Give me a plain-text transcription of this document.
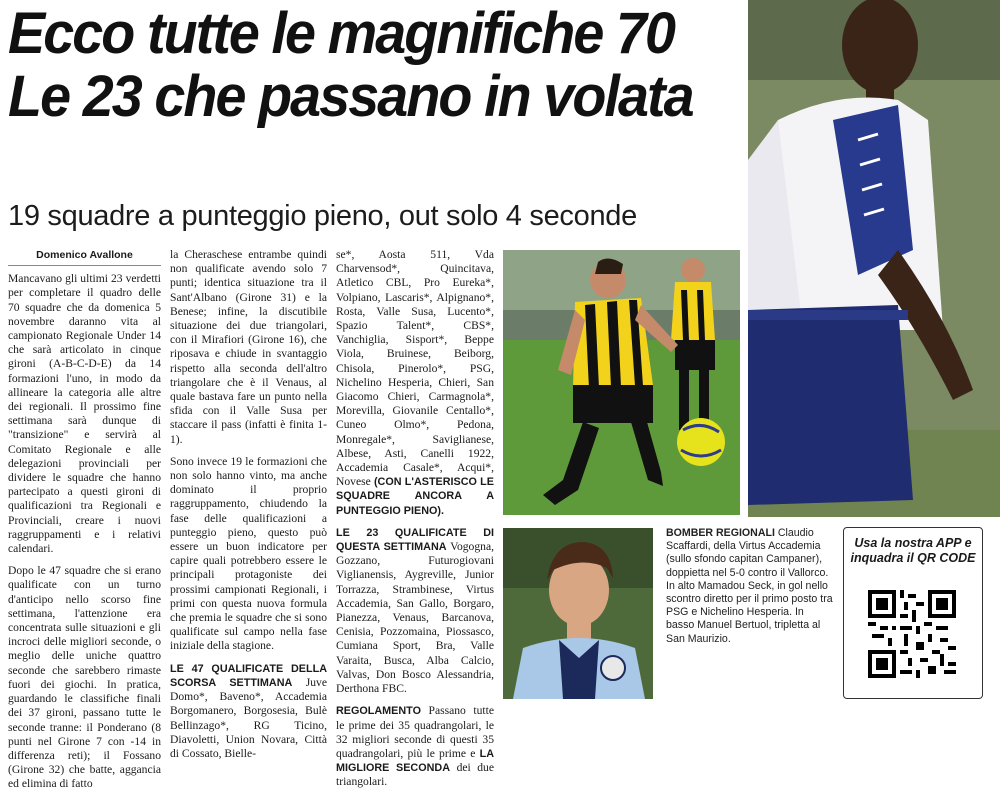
Ecco tutte le magnifiche 70
Le 23 che passano in volata
19 squadre a punteggio pieno, out solo 4 seconde
Domenico Avallone

Mancavano gli ultimi 23 verdetti per completare il quadro delle 70 squadre che da domenica 5 novembre daranno vita al campionato Regionale Under 14 che sarà articolato in cinque gironi (A-B-C-D-E) da 14 formazioni l'uno, in modo da allineare la categoria alle altre dei regionali. Il prossimo fine settimana sarà dunque di "transizione" e servirà al Comitato Regionale e alle delegazioni provinciali per dividere le squadre che hanno partecipato a questi gironi di qualificazioni tra Regionali e Provinciali, creare i nuovi raggruppamenti e i relativi calendari.

Dopo le 47 squadre che si erano qualificate con un turno d'anticipo nello scorso fine settimana, l'attenzione era concentrata sulle situazioni e gli incroci delle migliori seconde, o meglio delle uniche quattro seconde che sarebbero rimaste fuori dei giochi. In pratica, guardando le classifiche finali dei 37 gironi, passano tutte le seconde tranne: il Ponderano (8 punti nel Girone 7 con -14 in differenza reti); il Fossano (Girone 32) che batte, aggancia ed elimina di fatto

la Cheraschese entrambe quindi non qualificate avendo solo 7 punti; identica situazione tra il Sant'Albano (Girone 31) e la Benese; infine, la discutibile situazione dei due triangolari, con il Mirafiori (Girone 16), che riposava e chiude in svantaggio rispetto alla seconda dell'altro triangolare che è il Venaus, al quale bastava fare un punto nella sfida con il Valle Susa per staccare il pass (infatti è finita 1-1).

Sono invece 19 le formazioni che non solo hanno vinto, ma anche dominato il proprio raggruppamento, chiudendo la fase delle qualificazioni a punteggio pieno, questo può essere un buon indicatore per capire quali potrebbero essere le principali protagoniste dei prossimi campionati Regionali, i primi con questa nuova formula che premia le squadre che si sono qualificate sul campo nella fase iniziale della stagione.

LE 47 QUALIFICATE DELLA SCORSA SETTIMANA Juve Domo*, Baveno*, Accademia Borgomanero, Borgosesia, Bulè Bellinzago*, RG Ticino, Diavoletti, Union Novara, Città di Cossato, Bielle-

se*, Aosta 511, Vda Charvensod*, Quincitava, Atletico CBL, Pro Eureka*, Volpiano, Lascaris*, Alpignano*, Rosta, Valle Susa, Lucento*, Spazio Talent*, CBS*, Vanchiglia, Sisport*, Beppe Viola, Bruinese, Beiborg, Chisola, Pinerolo*, PSG, Nichelino Hesperia, Chieri, San Giacomo Chieri, Carmagnola*, Morevilla, Giovanile Centallo*, Cuneo Olmo*, Pedona, Monregale*, Saviglianese, Albese, Asti, Canelli 1922, Accademia Casale*, Acqui*, Novese (CON L'ASTERISCO LE SQUADRE ANCORA A PUNTEGGIO PIENO).

LE 23 QUALIFICATE DI QUESTA SETTIMANA Vogogna, Gozzano, Futurogiovani Viglianensis, Aygreville, Junior Torrazza, Strambinese, Virtus Accademia, San Gallo, Borgaro, Pianezza, Venaus, Barcanova, Cenisia, Pozzomaina, Piossasco, Cumiana Sport, Bra, Valle Varaita, Busca, Alba Calcio, Valvas, Don Bosco Alessandria, Derthona FBC.

REGOLAMENTO Passano tutte le prime dei 35 quadrangolari, le 32 migliori seconde di questi 35 quadrangolari, più le prime e LA MIGLIORE SECONDA dei due triangolari.

BOMBER REGIONALI Claudio Scaffardi, della Virtus Accademia (sullo sfondo capitan Campaner), doppietta nel 5-0 contro il Vallorco. In alto Mamadou Seck, in gol nello scontro diretto per il primo posto tra PSG e Nichelino Hesperia. In basso Manuel Bertuol, tripletta al San Maurizio.
Usa la nostra APP e
inquadra il QR CODE
